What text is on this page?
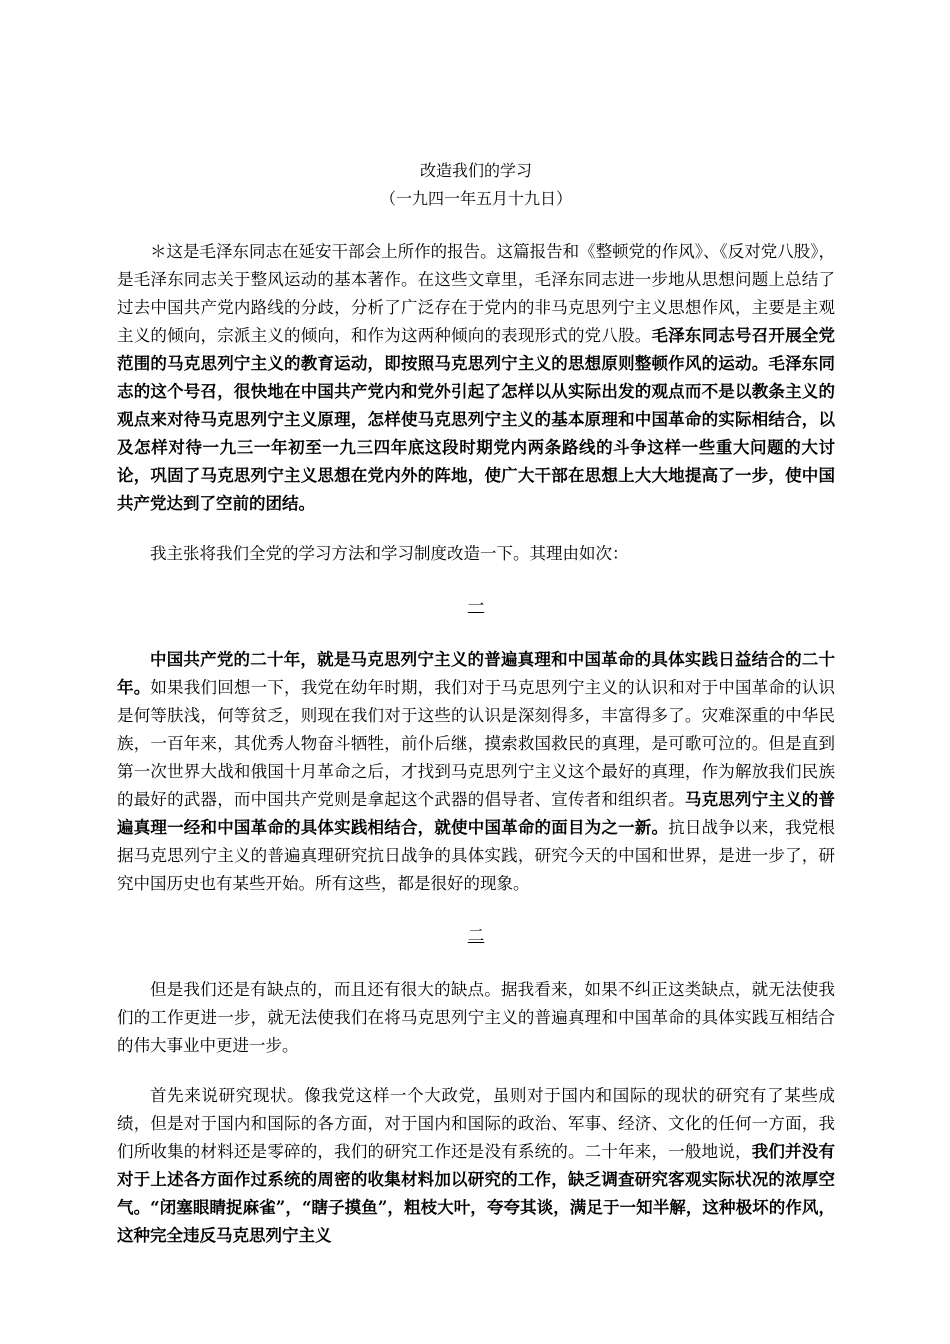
改造我们的学习
（一九四一年五月十九日）

＊这是毛泽东同志在延安干部会上所作的报告。这篇报告和《整顿党的作风》、《反对党八股》，是毛泽东同志关于整风运动的基本著作。在这些文章里，毛泽东同志进一步地从思想问题上总结了过去中国共产党内路线的分歧，分析了广泛存在于党内的非马克思列宁主义思想作风，主要是主观主义的倾向，宗派主义的倾向，和作为这两种倾向的表现形式的党八股。毛泽东同志号召开展全党范围的马克思列宁主义的教育运动，即按照马克思列宁主义的思想原则整顿作风的运动。毛泽东同志的这个号召，很快地在中国共产党内和党外引起了怎样以从实际出发的观点而不是以教条主义的观点来对待马克思列宁主义原理，怎样使马克思列宁主义的基本原理和中国革命的实际相结合，以及怎样对待一九三一年初至一九三四年底这段时期党内两条路线的斗争这样一些重大问题的大讨论，巩固了马克思列宁主义思想在党内外的阵地，使广大干部在思想上大大地提高了一步，使中国共产党达到了空前的团结。

我主张将我们全党的学习方法和学习制度改造一下。其理由如次：

一

中国共产党的二十年，就是马克思列宁主义的普遍真理和中国革命的具体实践日益结合的二十年。如果我们回想一下，我党在幼年时期，我们对于马克思列宁主义的认识和对于中国革命的认识是何等肤浅，何等贫乏，则现在我们对于这些的认识是深刻得多，丰富得多了。灾难深重的中华民族，一百年来，其优秀人物奋斗牺牲，前仆后继，摸索救国救民的真理，是可歌可泣的。但是直到第一次世界大战和俄国十月革命之后，才找到马克思列宁主义这个最好的真理，作为解放我们民族的最好的武器，而中国共产党则是拿起这个武器的倡导者、宣传者和组织者。马克思列宁主义的普遍真理一经和中国革命的具体实践相结合，就使中国革命的面目为之一新。抗日战争以来，我党根据马克思列宁主义的普遍真理研究抗日战争的具体实践，研究今天的中国和世界，是进一步了，研究中国历史也有某些开始。所有这些，都是很好的现象。

二

但是我们还是有缺点的，而且还有很大的缺点。据我看来，如果不纠正这类缺点，就无法使我们的工作更进一步，就无法使我们在将马克思列宁主义的普遍真理和中国革命的具体实践互相结合的伟大事业中更进一步。

首先来说研究现状。像我党这样一个大政党，虽则对于国内和国际的现状的研究有了某些成绩，但是对于国内和国际的各方面，对于国内和国际的政治、军事、经济、文化的任何一方面，我们所收集的材料还是零碎的，我们的研究工作还是没有系统的。二十年来，一般地说，我们并没有对于上述各方面作过系统的周密的收集材料加以研究的工作，缺乏调查研究客观实际状况的浓厚空气。“闭塞眼睛捉麻雀”，“瞎子摸鱼”，粗枝大叶，夸夸其谈，满足于一知半解，这种极坏的作风，这种完全违反马克思列宁主义
